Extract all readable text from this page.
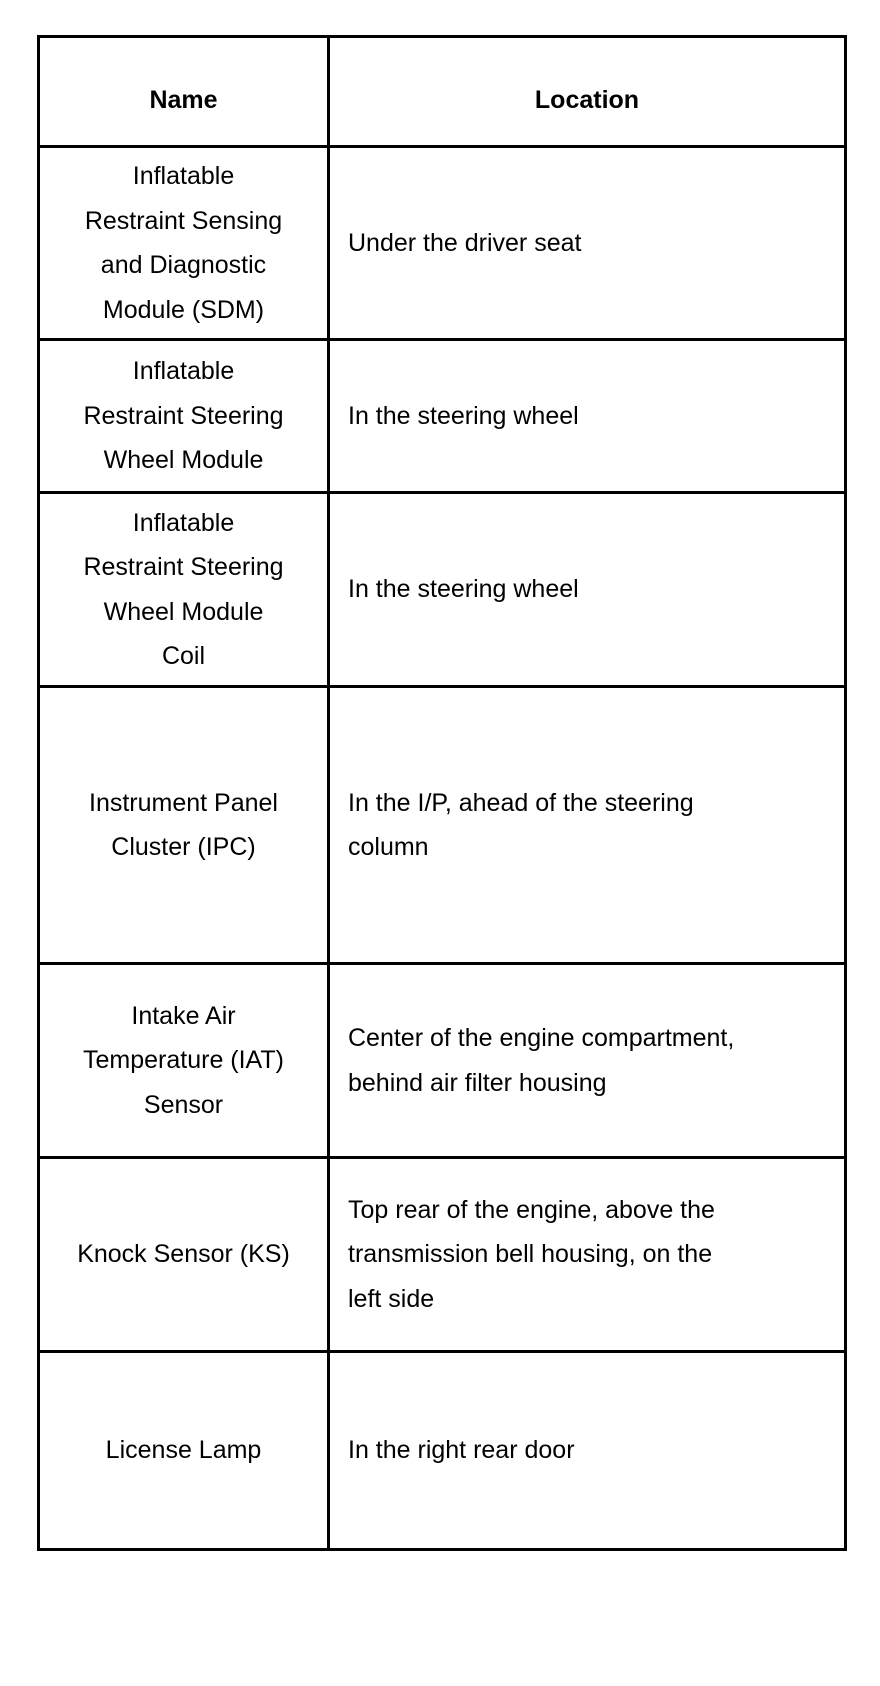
Name	Location

Inflatable
Restraint Sensing
and Diagnostic
Module (SDM)	Under the driver seat

Inflatable
Restraint Steering
Wheel Module	In the steering wheel

Inflatable
Restraint Steering
Wheel Module
Coil	In the steering wheel

Instrument Panel
Cluster (IPC)	In the I/P, ahead of the steering
column

Intake Air
Temperature (IAT)
Sensor	Center of the engine compartment,
behind air filter housing

Knock Sensor (KS)	Top rear of the engine, above the
transmission bell housing, on the
left side

License Lamp	In the right rear door
